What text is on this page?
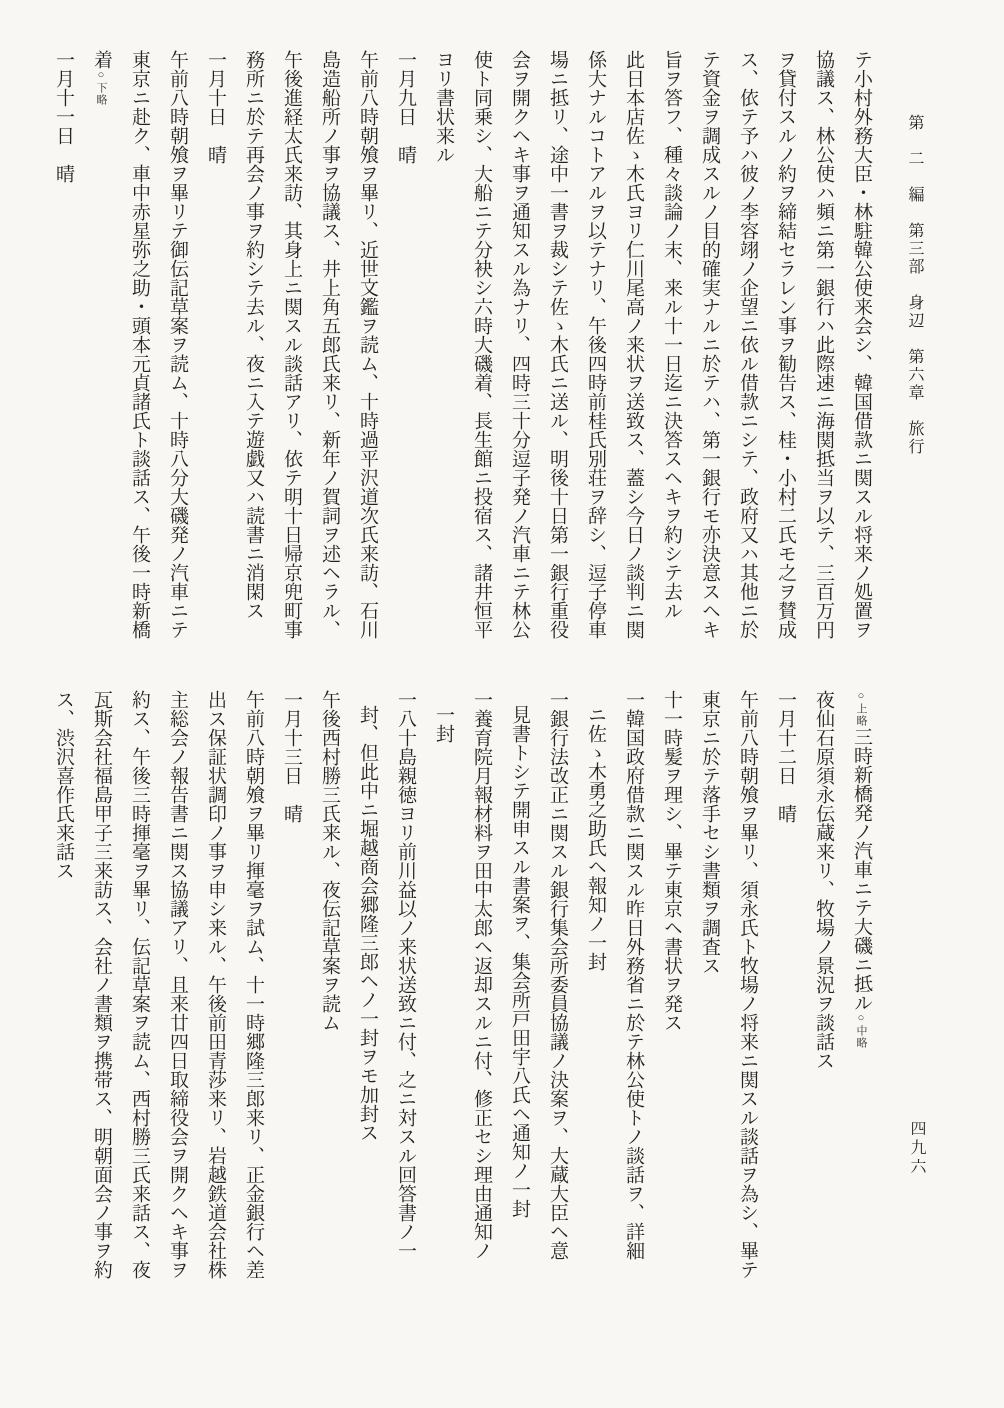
第　二　編　第三部　身辺　第六章　旅行
テ小村外務大臣・林駐韓公使来会シ、韓国借款ニ関スル将来ノ処置ヲ
協議ス、林公使ハ頻ニ第一銀行ハ此際速ニ海関抵当ヲ以テ、三百万円
ヲ貸付スルノ約ヲ締結セラレン事ヲ勧告ス、桂・小村二氏モ之ヲ賛成
ス、依テ予ハ彼ノ李容翊ノ企望ニ依ル借款ニシテ、政府又ハ其他ニ於
テ資金ヲ調成スルノ目的確実ナルニ於テハ、第一銀行モ亦決意スヘキ
旨ヲ答フ、種々談論ノ末、来ル十一日迄ニ決答スヘキヲ約シテ去ル
此日本店佐ゝ木氏ヨリ仁川尾高ノ来状ヲ送致ス、蓋シ今日ノ談判ニ関
係大ナルコトアルヲ以テナリ、午後四時前桂氏別荘ヲ辞シ、逗子停車
場ニ抵リ、途中一書ヲ裁シテ佐ゝ木氏ニ送ル、明後十日第一銀行重役
会ヲ開クヘキ事ヲ通知スル為ナリ、四時三十分逗子発ノ汽車ニテ林公
使ト同乗シ、大船ニテ分袂シ六時大磯着、長生館ニ投宿ス、諸井恒平
ヨリ書状来ル
一月九日　晴
午前八時朝飧ヲ畢リ、近世文鑑ヲ読ム、十時過平沢道次氏来訪、石川
島造船所ノ事ヲ協議ス、井上角五郎氏来リ、新年ノ賀詞ヲ述ヘラル、
午後進経太氏来訪、其身上ニ関スル談話アリ、依テ明十日帰京兜町事
務所ニ於テ再会ノ事ヲ約シテ去ル、夜ニ入テ遊戯又ハ読書ニ消閑ス
一月十日　晴
午前八時朝飧ヲ畢リテ御伝記草案ヲ読ム、十時八分大磯発ノ汽車ニテ
東京ニ赴ク、車中赤星弥之助・頭本元貞諸氏ト談話ス、午後一時新橋
着○下略
一月十一日　晴
○上略三時新橋発ノ汽車ニテ大磯ニ抵ル○中略
夜仙石原須永伝蔵来リ、牧場ノ景況ヲ談話ス
一月十二日　晴
午前八時朝飧ヲ畢リ、須永氏ト牧場ノ将来ニ関スル談話ヲ為シ、畢テ
東京ニ於テ落手セシ書類ヲ調査ス
十一時髪ヲ理シ、畢テ東京ヘ書状ヲ発ス
一韓国政府借款ニ関スル昨日外務省ニ於テ林公使トノ談話ヲ、詳細
ニ佐ゝ木勇之助氏ヘ報知ノ一封
一銀行法改正ニ関スル銀行集会所委員協議ノ決案ヲ、大蔵大臣ヘ意
見書トシテ開申スル書案ヲ、集会所戸田宇八氏ヘ通知ノ一封
一養育院月報材料ヲ田中太郎ヘ返却スルニ付、修正セシ理由通知ノ
一封
一八十島親徳ヨリ前川益以ノ来状送致ニ付、之ニ対スル回答書ノ一
封、但此中ニ堀越商会郷隆三郎ヘノ一封ヲモ加封ス
午後西村勝三氏来ル、夜伝記草案ヲ読ム
一月十三日　晴
午前八時朝飧ヲ畢リ揮毫ヲ試ム、十一時郷隆三郎来リ、正金銀行ヘ差
出ス保証状調印ノ事ヲ申シ来ル、午後前田青莎来リ、岩越鉄道会社株
主総会ノ報告書ニ関ス協議アリ、且来廿四日取締役会ヲ開クヘキ事ヲ
約ス、午後三時揮毫ヲ畢リ、伝記草案ヲ読ム、西村勝三氏来話ス、夜
瓦斯会社福島甲子三来訪ス、会社ノ書類ヲ携帯ス、明朝面会ノ事ヲ約
ス、渋沢喜作氏来話ス
四九六
